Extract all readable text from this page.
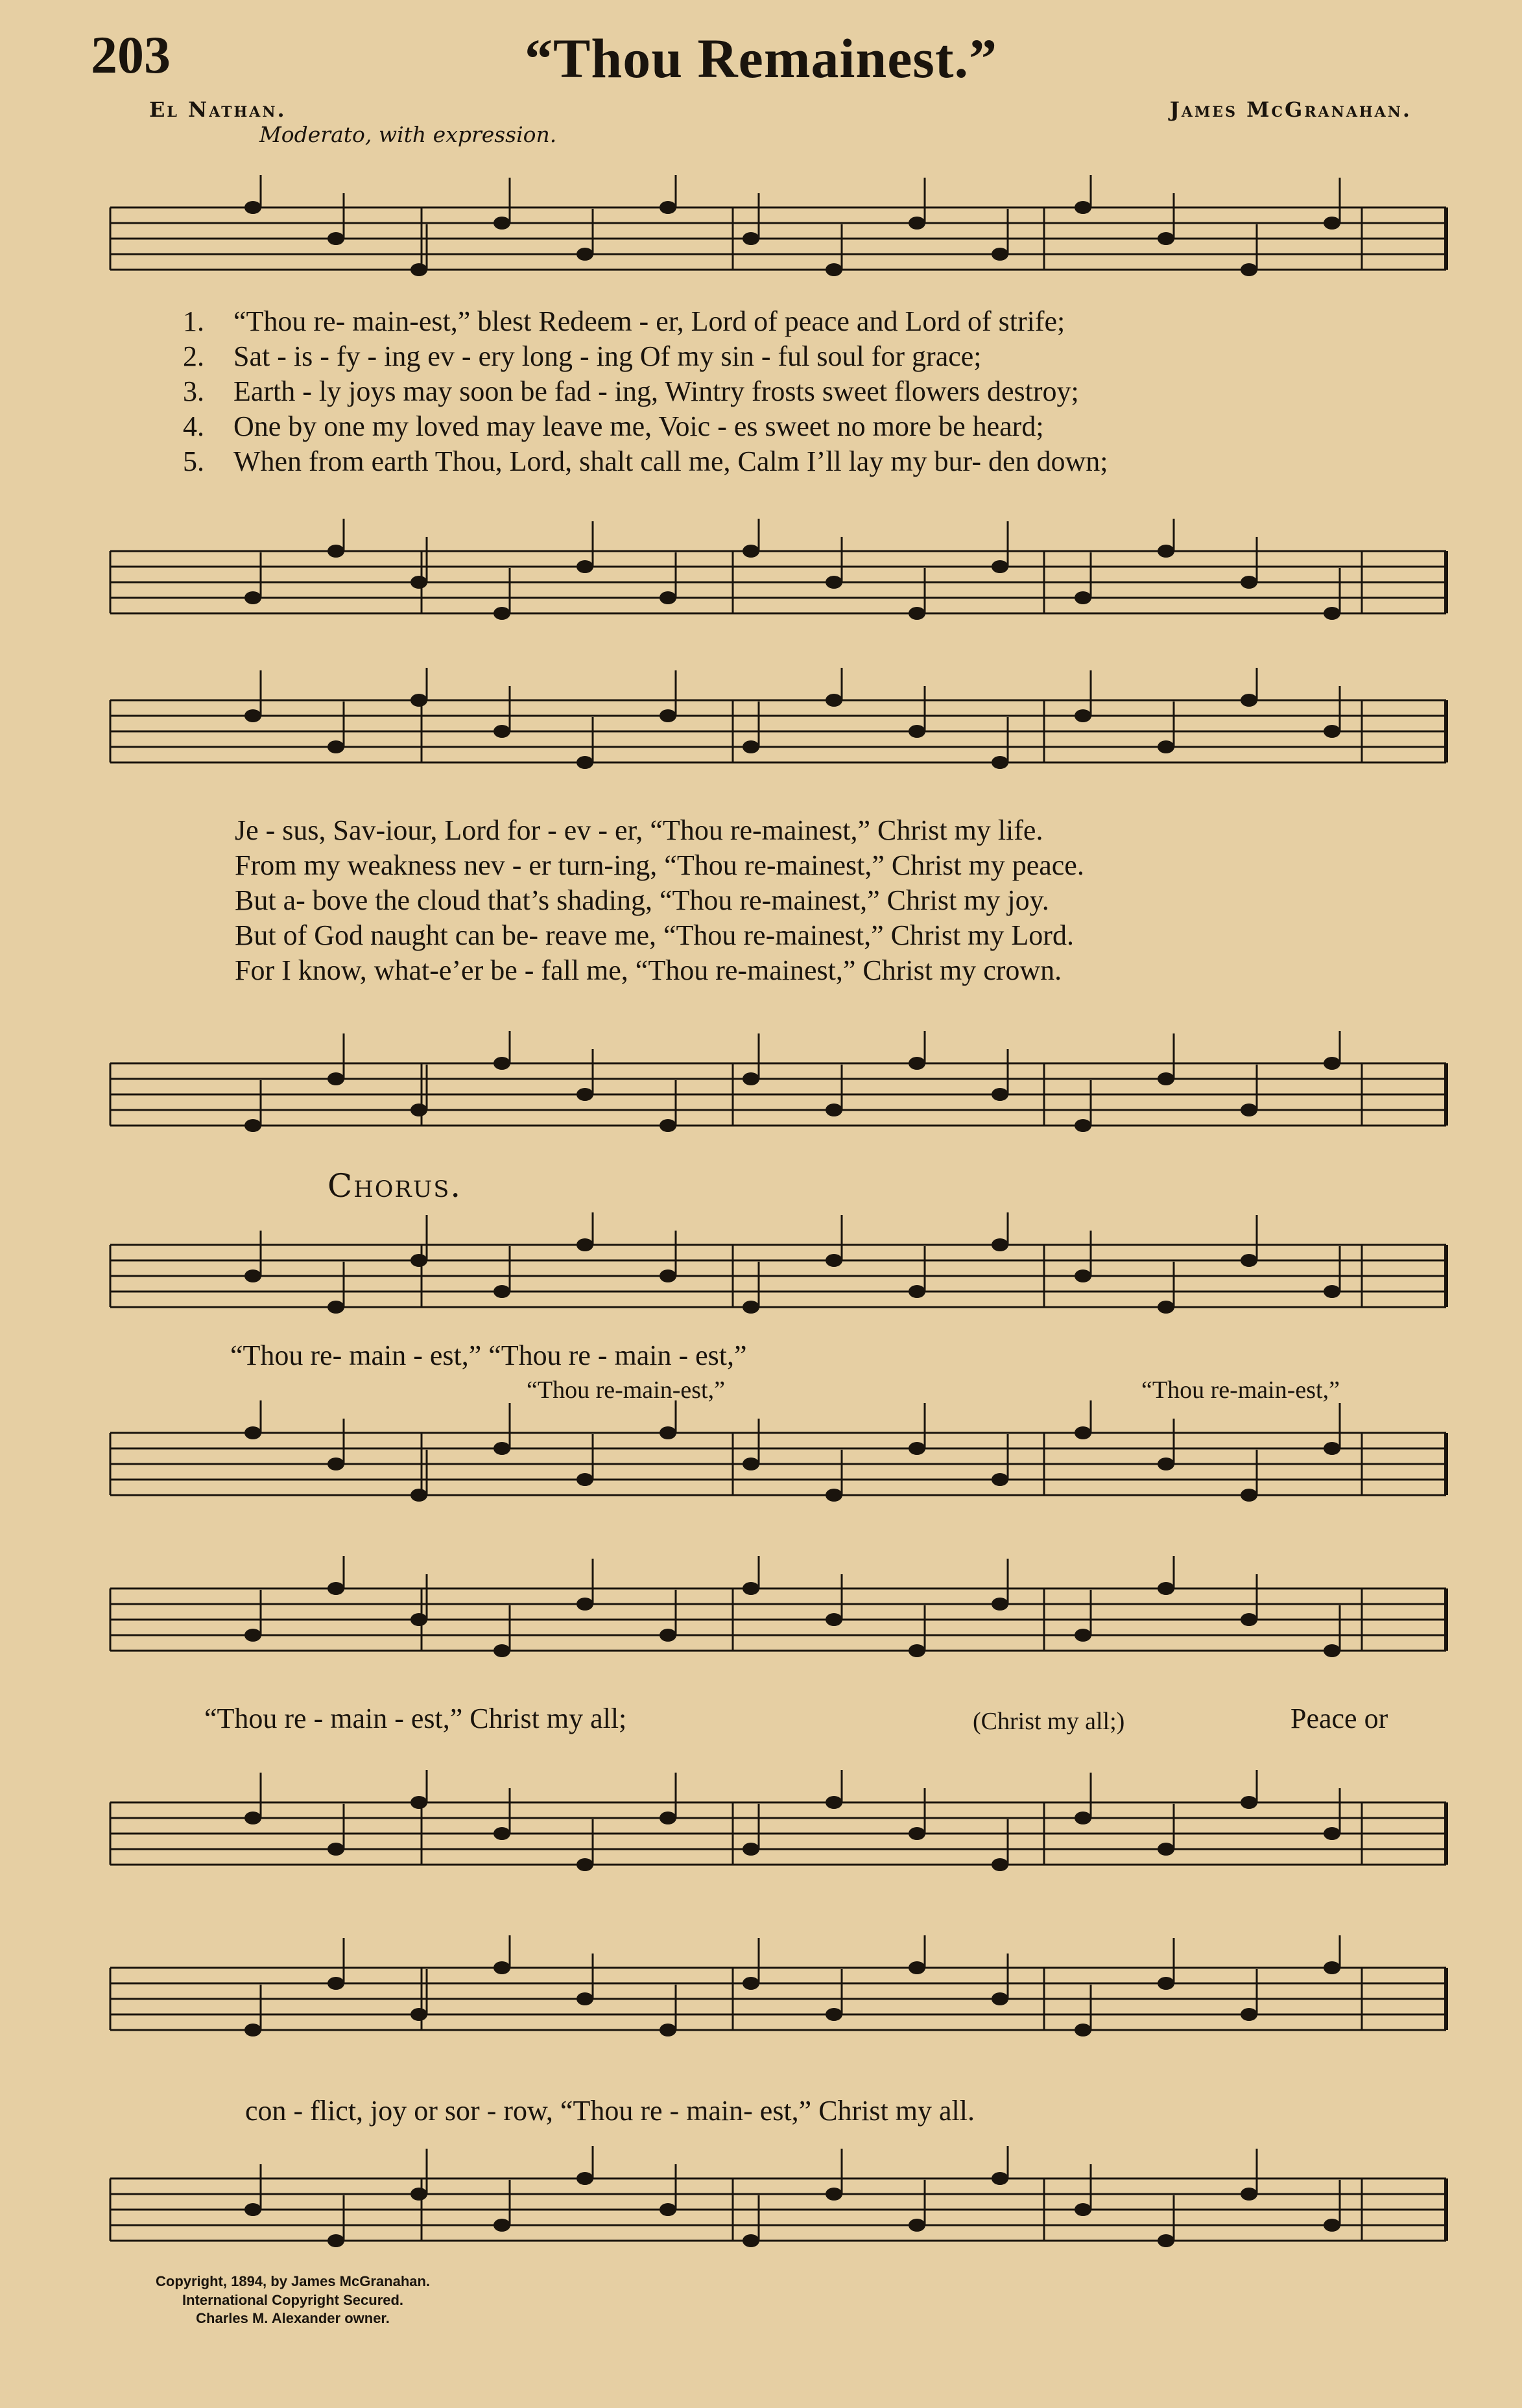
203	“Thou Remainest.”
El Nathan.	James McGranahan.
Moderato, with expression.
1. “Thou re- main-est,” blest Redeem - er, Lord of peace and Lord of strife;
2. Sat - is - fy - ing ev - ery long - ing Of my sin - ful soul for grace;
3. Earth - ly joys may soon be fad - ing, Wintry frosts sweet flowers destroy;
4. One by one my loved may leave me, Voic - es sweet no more be heard;
5. When from earth Thou, Lord, shalt call me, Calm I’ll lay my bur- den down;
Je - sus, Sav-iour, Lord for - ev - er, “Thou re-mainest,” Christ my life.
From my weakness nev - er turn-ing, “Thou re-mainest,” Christ my peace.
But a- bove the cloud that’s shading, “Thou re-mainest,” Christ my joy.
But of God naught can be- reave me, “Thou re-mainest,” Christ my Lord.
For I know, what-e’er be - fall me, “Thou re-mainest,” Christ my crown.
Chorus.
“Thou re- main - est,” “Thou re - main - est,”
“Thou re-main-est,”	“Thou re-main-est,”
“Thou re - main - est,” Christ my all;	(Christ my all;)	Peace or
con - flict, joy or sor - row, “Thou re - main- est,” Christ my all.
Copyright, 1894, by James McGranahan.
International Copyright Secured.
Charles M. Alexander owner.
